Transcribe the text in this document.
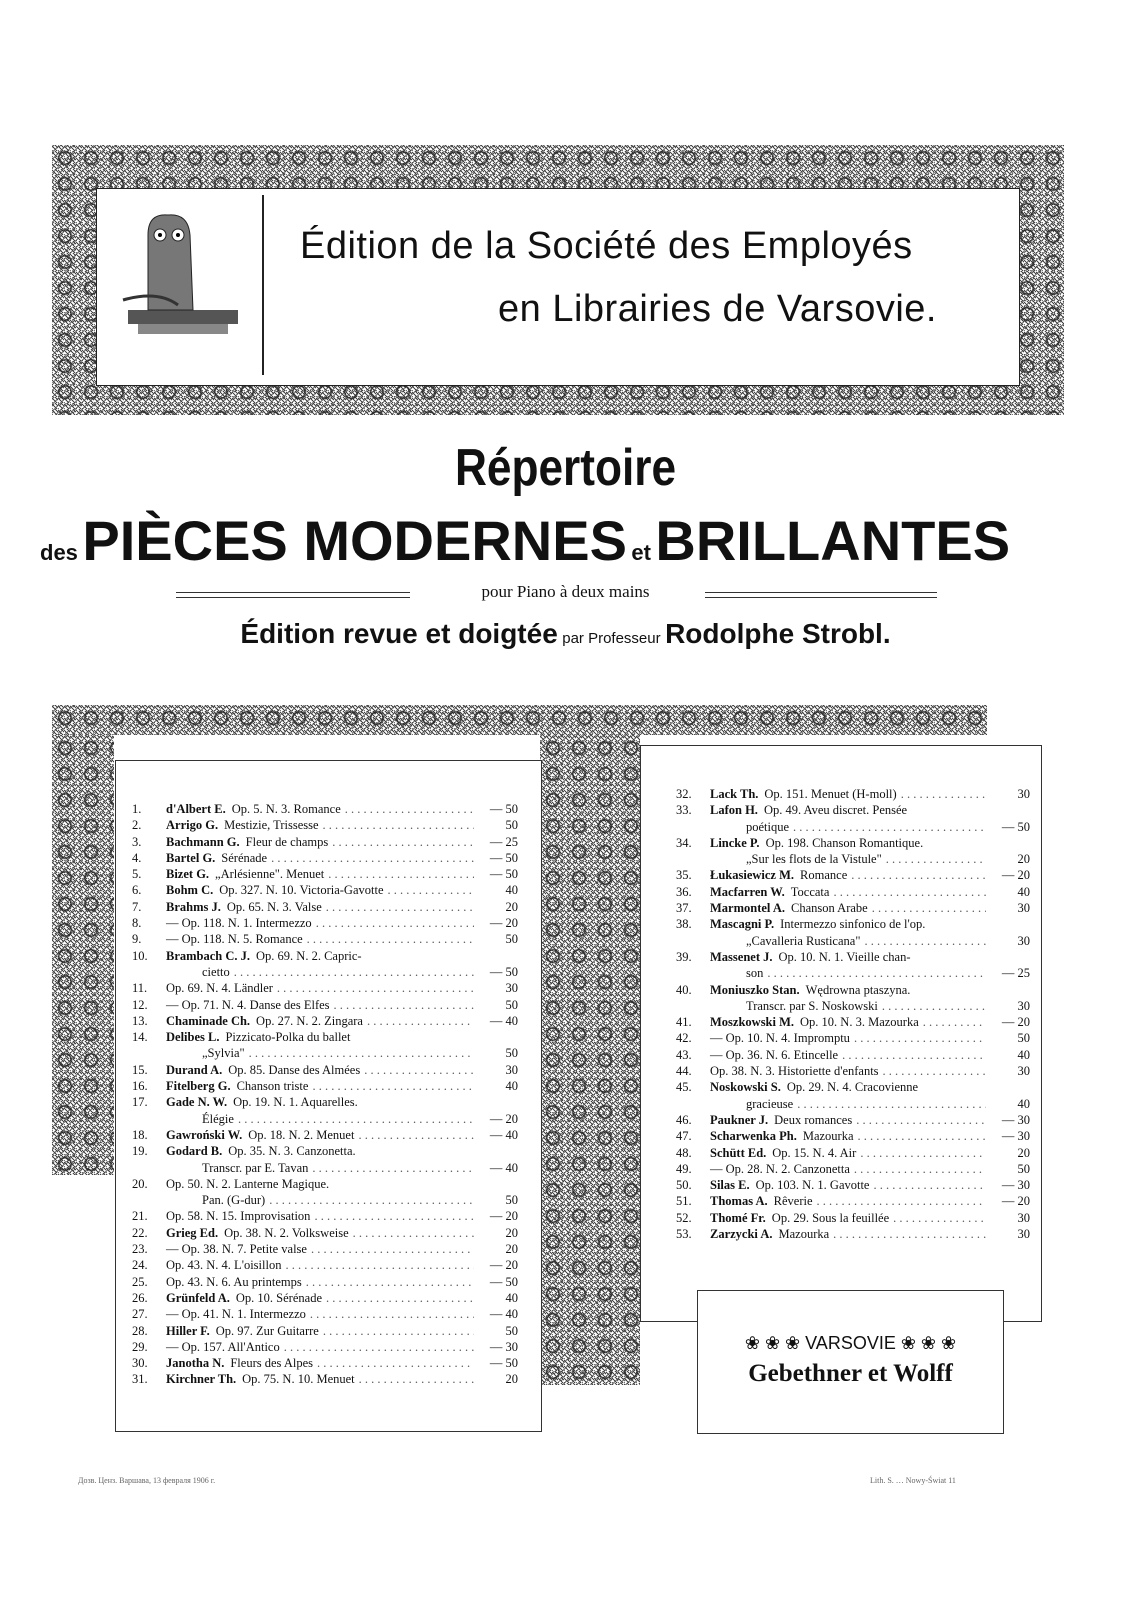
Édition de la Société des Employés
en Librairies de Varsovie.
Répertoire
des PIÈCES MODERNES et BRILLANTES
pour Piano à deux mains
Édition revue et doigtée par Professeur Rodolphe Strobl.
1.	d'Albert E. Op. 5. N. 3. Romance . . .	— 50
2.	Arrigo G. Mestizie, Trissesse . . .	50
3.	Bachmann G. Fleur de champs . . .	— 25
4.	Bartel G. Sérénade . . .	— 50
5.	Bizet G. „Arlésienne". Menuet . . .	— 50
6.	Bohm C. Op. 327. N. 10. Victoria-Gavotte . . .	40
7.	Brahms J. Op. 65. N. 3. Valse . . .	20
8.	— Op. 118. N. 1. Intermezzo . . .	— 20
9.	— Op. 118. N. 5. Romance . . .	50
10.	Brambach C. J. Op. 69. N. 2. Capric-
cietto . . .	— 50
11.	Op. 69. N. 4. Ländler . . .	30
12.	— Op. 71. N. 4. Danse des Elfes . . .	50
13.	Chaminade Ch. Op. 27. N. 2. Zingara . . .	— 40
14.	Delibes L. Pizzicato-Polka du ballet
„Sylvia" . . .	50
15.	Durand A. Op. 85. Danse des Almées . . .	30
16.	Fitelberg G. Chanson triste . . .	40
17.	Gade N. W. Op. 19. N. 1. Aquarelles.
Élégie . . .	— 20
18.	Gawroński W. Op. 18. N. 2. Menuet . . .	— 40
19.	Godard B. Op. 35. N. 3. Canzonetta.
Transcr. par E. Tavan . . .	— 40
20.	Op. 50. N. 2. Lanterne Magique.
Pan. (G-dur) . . .	50
21.	Op. 58. N. 15. Improvisation . . .	— 20
22.	Grieg Ed. Op. 38. N. 2. Volksweise . . .	20
23.	— Op. 38. N. 7. Petite valse . . .	20
24.	Op. 43. N. 4. L'oisillon . . .	— 20
25.	Op. 43. N. 6. Au printemps . . .	— 50
26.	Grünfeld A. Op. 10. Sérénade . . .	40
27.	— Op. 41. N. 1. Intermezzo . . .	— 40
28.	Hiller F. Op. 97. Zur Guitarre . . .	50
29.	— Op. 157. All'Antico . . .	— 30
30.	Janotha N. Fleurs des Alpes . . .	— 50
31.	Kirchner Th. Op. 75. N. 10. Menuet . . .	20
32.	Lack Th. Op. 151. Menuet (H-moll) . . .	30
33.	Lafon H. Op. 49. Aveu discret. Pensée
poétique . . .	— 50
34.	Lincke P. Op. 198. Chanson Romantique.
„Sur les flots de la Vistule" . . .	20
35.	Łukasiewicz M. Romance . . .	— 20
36.	Macfarren W. Toccata . . .	40
37.	Marmontel A. Chanson Arabe . . .	30
38.	Mascagni P. Intermezzo sinfonico de l'op.
„Cavalleria Rusticana" . . .	30
39.	Massenet J. Op. 10. N. 1. Vieille chan-
son . . .	— 25
40.	Moniuszko Stan. Wędrowna ptaszyna.
Transcr. par S. Noskowski . . .	30
41.	Moszkowski M. Op. 10. N. 3. Mazourka . . .	— 20
42.	— Op. 10. N. 4. Impromptu . . .	50
43.	— Op. 36. N. 6. Etincelle . . .	40
44.	Op. 38. N. 3. Historiette d'enfants . . .	30
45.	Noskowski S. Op. 29. N. 4. Cracovienne
gracieuse . . .	40
46.	Paukner J. Deux romances . . .	— 30
47.	Scharwenka Ph. Mazourka . . .	— 30
48.	Schütt Ed. Op. 15. N. 4. Air . . .	20
49.	— Op. 28. N. 2. Canzonetta . . .	50
50.	Silas E. Op. 103. N. 1. Gavotte . . .	— 30
51.	Thomas A. Rêverie . . .	— 20
52.	Thomé Fr. Op. 29. Sous la feuillée . . .	30
53.	Zarzycki A. Mazourka . . .	30
❀ ❀ ❀ VARSOVIE ❀ ❀ ❀
Gebethner et Wolff
Дозв. Ценз. Варшава, 13 февраля 1906 г.	Lith. S. … Nowy-Świat 11
